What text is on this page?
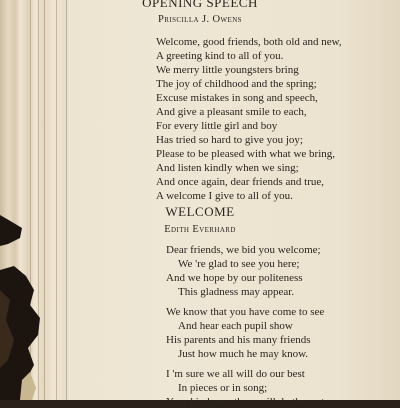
OPENING SPEECH
Priscilla J. Owens
Welcome, good friends, both old and new,
A greeting kind to all of you.
We merry little youngsters bring
The joy of childhood and the spring;
Excuse mistakes in song and speech,
And give a pleasant smile to each,
For every little girl and boy
Has tried so hard to give you joy;
Please to be pleased with what we bring,
And listen kindly when we sing;
And once again, dear friends and true,
A welcome I give to all of you.
WELCOME
Edith Everhard
Dear friends, we bid you welcome;
We 're glad to see you here;
And we hope by our politeness
This gladness may appear.
We know that you have come to see
And hear each pupil show
His parents and his many friends
Just how much he may know.
I 'm sure we all will do our best
In pieces or in song;
Your kindness, then, will do the rest;
